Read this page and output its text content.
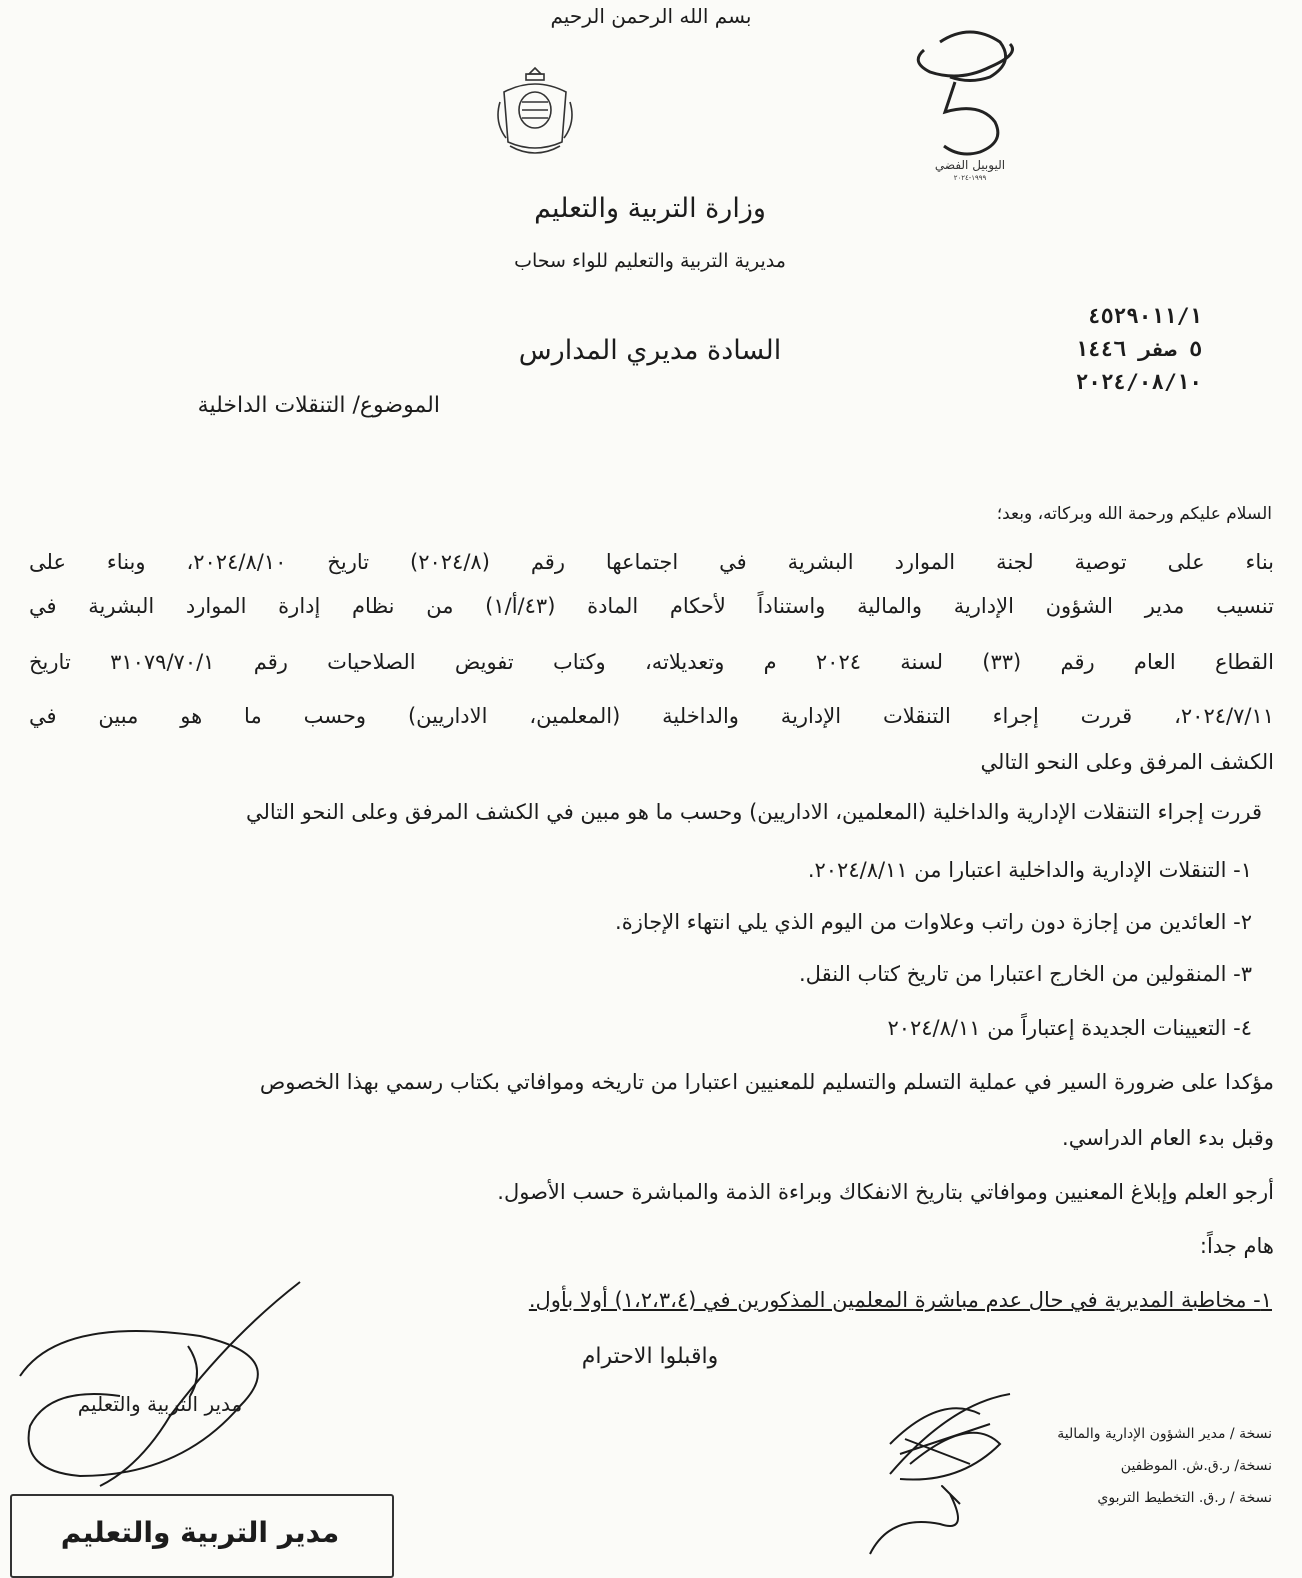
بسم الله الرحمن الرحيم
اليوبيل الفضي
١٩٩٩-٢٠٢٤
وزارة التربية والتعليم
مديرية التربية والتعليم للواء سحاب
٤٥٢٩٠١١/١
٥ صفر ١٤٤٦
٢٠٢٤/٠٨/١٠
السادة مديري المدارس
الموضوع/ التنقلات الداخلية
السلام عليكم ورحمة الله وبركاته، وبعد؛
بناء على توصية لجنة الموارد البشرية في اجتماعها رقم (٢٠٢٤/٨) تاريخ ٢٠٢٤/٨/١٠، وبناء على
تنسيب مدير الشؤون الإدارية والمالية واستناداً لأحكام المادة (٤٣/أ/١) من نظام إدارة الموارد البشرية في
القطاع العام رقم (٣٣) لسنة ٢٠٢٤ م وتعديلاته، وكتاب تفويض الصلاحيات رقم ٣١٠٧٩/٧٠/١ تاريخ
٢٠٢٤/٧/١١، قررت إجراء التنقلات الإدارية والداخلية (المعلمين، الاداريين) وحسب ما هو مبين في
الكشف المرفق وعلى النحو التالي
قررت إجراء التنقلات الإدارية والداخلية (المعلمين، الاداريين) وحسب ما هو مبين في الكشف المرفق وعلى النحو التالي
١- التنقلات الإدارية والداخلية اعتبارا من ٢٠٢٤/٨/١١.
٢- العائدين من إجازة دون راتب وعلاوات من اليوم الذي يلي انتهاء الإجازة.
٣- المنقولين من الخارج اعتبارا من تاريخ كتاب النقل.
٤- التعيينات الجديدة إعتباراً من ٢٠٢٤/٨/١١
مؤكدا على ضرورة السير في عملية التسلم والتسليم للمعنيين اعتبارا من تاريخه وموافاتي بكتاب رسمي بهذا الخصوص
وقبل بدء العام الدراسي.
أرجو العلم وإبلاغ المعنيين وموافاتي بتاريخ الانفكاك وبراءة الذمة والمباشرة حسب الأصول.
هام جداً:
١- مخاطبة المديرية في حال عدم مباشرة المعلمين المذكورين في (١،٢،٣،٤) أولا بأول.
واقبلوا الاحترام
مدير التربية والتعليم
مدير التربية والتعليم
نسخة / مدير الشؤون الإدارية والمالية
نسخة/ ر.ق.ش. الموظفين
نسخة / ر.ق. التخطيط التربوي
